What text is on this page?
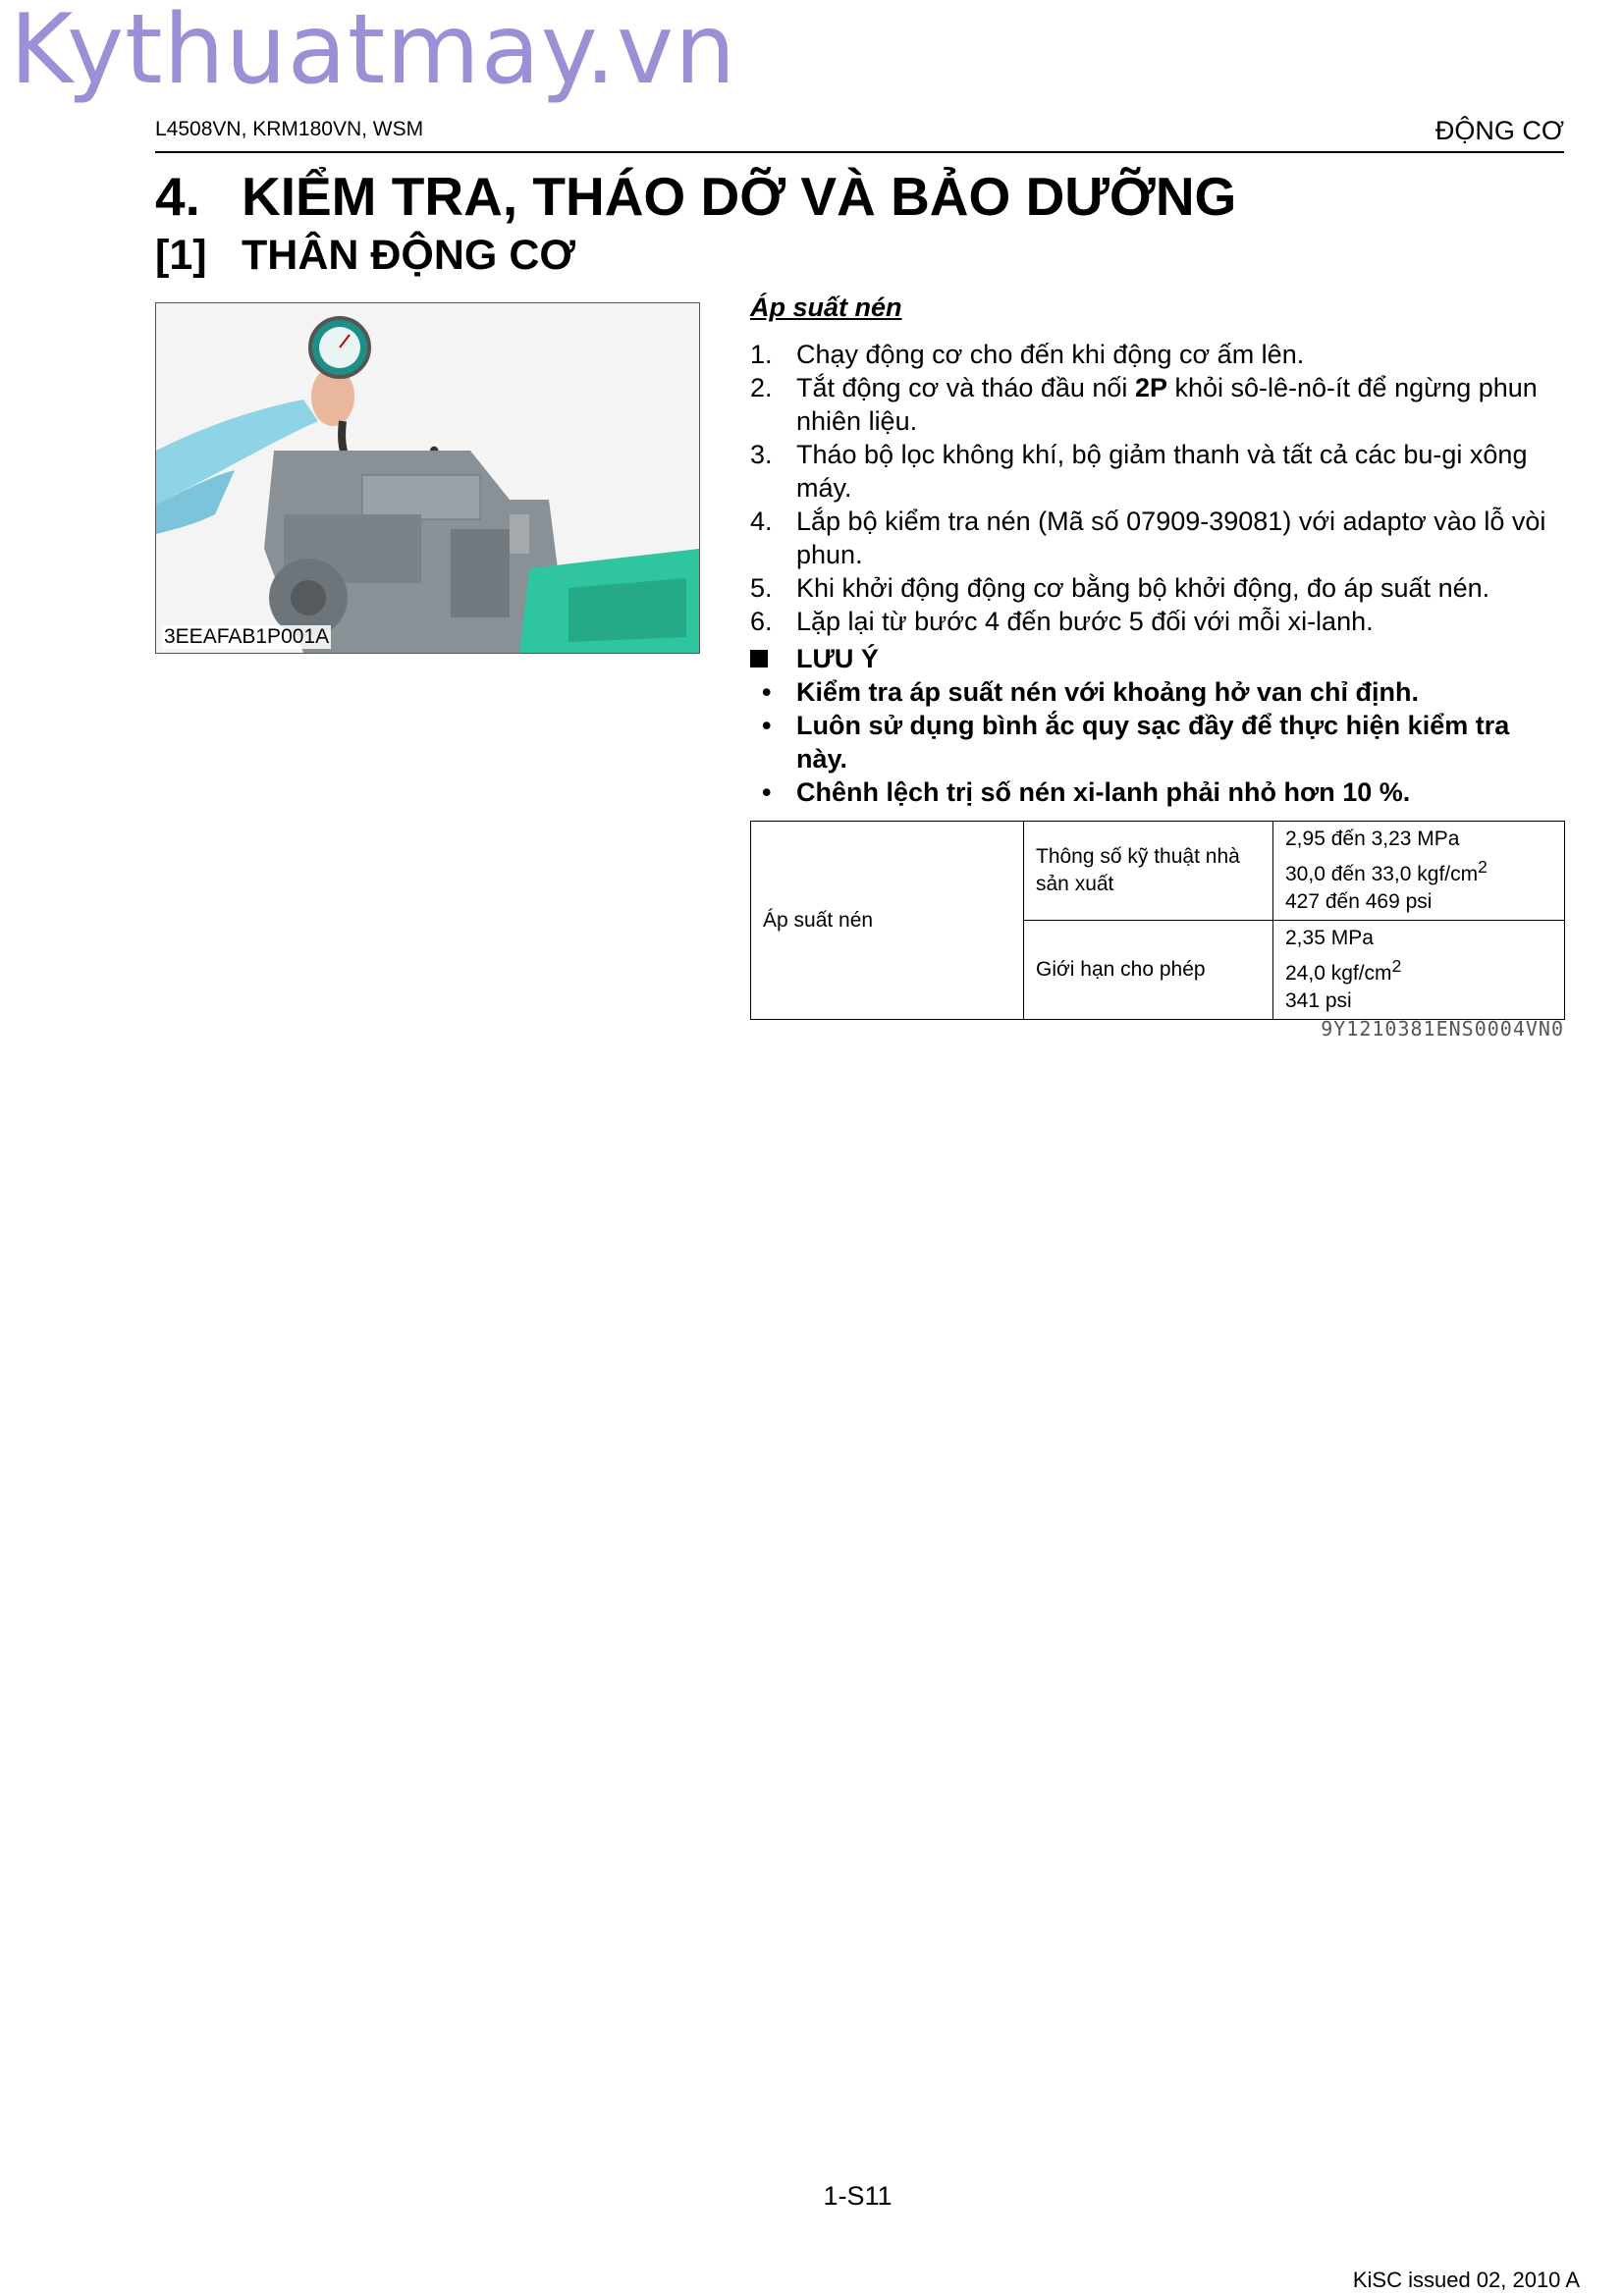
Kythuatmay.vn
L4508VN, KRM180VN, WSM	ĐỘNG CƠ
4. KIỂM TRA, THÁO DỠ VÀ BẢO DƯỠNG
[1] THÂN ĐỘNG CƠ
3EEAFAB1P001A
Áp suất nén
1. Chạy động cơ cho đến khi động cơ ấm lên.
2. Tắt động cơ và tháo đầu nối 2P khỏi sô-lê-nô-ít để ngừng phun nhiên liệu.
3. Tháo bộ lọc không khí, bộ giảm thanh và tất cả các bu-gi xông máy.
4. Lắp bộ kiểm tra nén (Mã số 07909-39081) với adaptơ vào lỗ vòi phun.
5. Khi khởi động động cơ bằng bộ khởi động, đo áp suất nén.
6. Lặp lại từ bước 4 đến bước 5 đối với mỗi xi-lanh.
LƯU Ý
• Kiểm tra áp suất nén với khoảng hở van chỉ định.
• Luôn sử dụng bình ắc quy sạc đầy để thực hiện kiểm tra này.
• Chênh lệch trị số nén xi-lanh phải nhỏ hơn 10 %.
Áp suất nén	Thông số kỹ thuật nhà sản xuất	2,95 đến 3,23 MPa
30,0 đến 33,0 kgf/$cm^2$
427 đến 469 psi

	Giới hạn cho phép	2,35 MPa
24,0 kgf/$cm^2$
341 psi
9Y1210381ENS0004VN0
1-S11
KiSC issued 02, 2010 A
